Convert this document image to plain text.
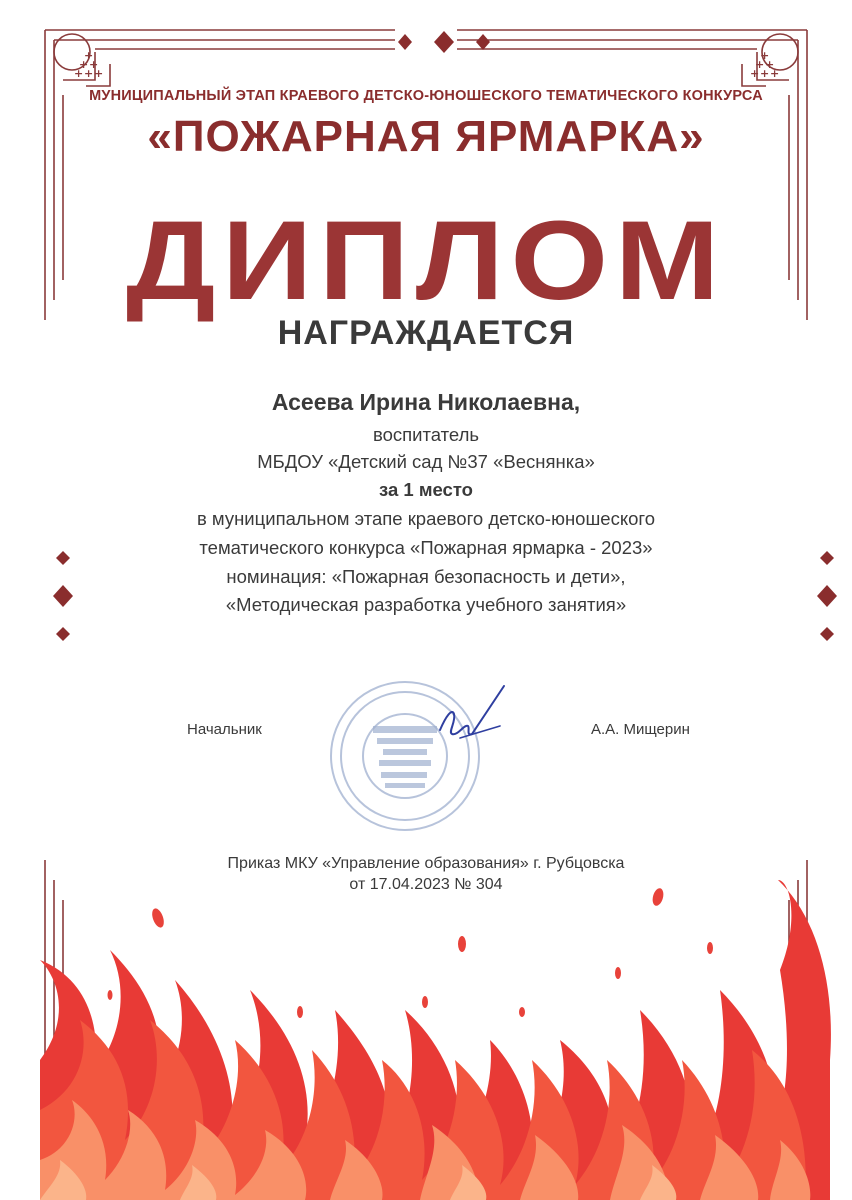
+ + +
+ +
+
+ + +
+ +
+
МУНИЦИПАЛЬНЫЙ ЭТАП КРАЕВОГО ДЕТСКО-ЮНОШЕСКОГО ТЕМАТИЧЕСКОГО КОНКУРСА
«ПОЖАРНАЯ ЯРМАРКА»
ДИПЛОМ
НАГРАЖДАЕТСЯ
Асеева Ирина Николаевна,
воспитатель
МБДОУ «Детский сад №37 «Веснянка»
за 1 место
в муниципальном этапе краевого детско-юношеского
тематического конкурса «Пожарная ярмарка - 2023»
номинация: «Пожарная безопасность и дети»,
«Методическая разработка учебного занятия»
Начальник	А.А. Мищерин
Приказ МКУ «Управление образования» г. Рубцовска
от 17.04.2023 № 304
